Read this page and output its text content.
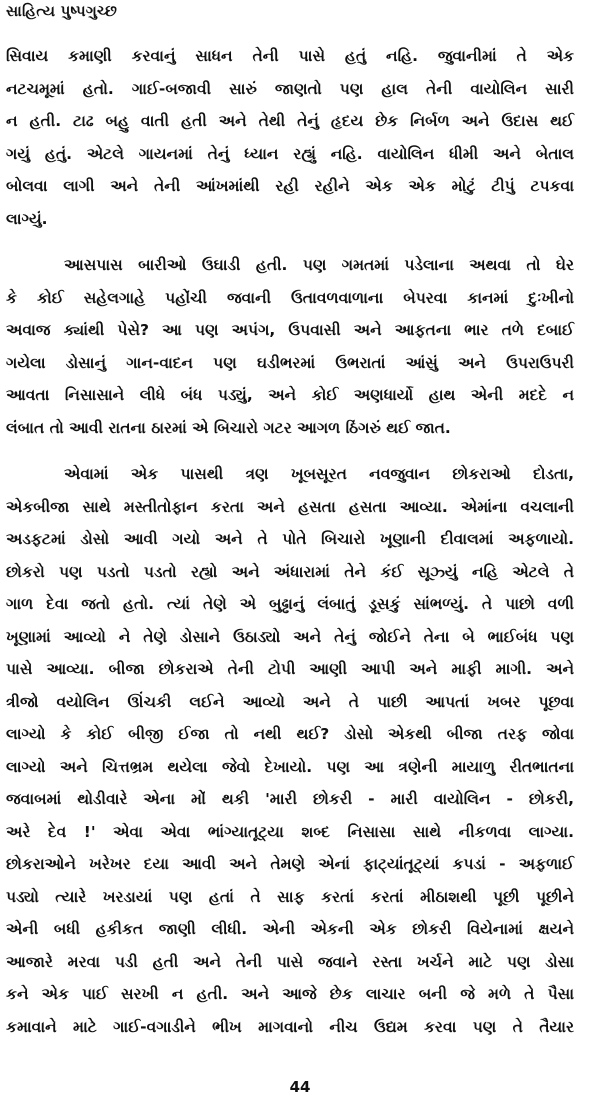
સાહિત્ય પુષ્પગુચ્છ
સિવાય કમાણી કરવાનું સાધન તેની પાસે હતું નહિ. જુવાનીમાં તે એક
નટચમૂમાં હતો. ગાઈ-બજાવી સારું જાણતો પણ હાલ તેની વાયોલિન સારી
ન હતી. ટાઢ બહુ વાતી હતી અને તેથી તેનું હૃદય છેક નિર્બળ અને ઉદાસ થઈ
ગયું હતું. એટલે ગાયનમાં તેનું ધ્યાન રહ્યું નહિ. વાયોલિન ધીમી અને બેતાલ
બોલવા લાગી અને તેની આંખમાંથી રહી રહીને એક એક મોટું ટીપું ટપકવા
લાગ્યું.
આસપાસ બારીઓ ઉઘાડી હતી. પણ ગમતમાં પડેલાના અથવા તો ઘેર
કે કોઈ સહેલગાહે પહોંચી જવાની ઉતાવળવાળાના બેપરવા કાનમાં દુઃખીનો
અવાજ ક્યાંથી પેસે? આ પણ અપંગ, ઉપવાસી અને આફતના ભાર તળે દબાઈ
ગયેલા ડોસાનું ગાન-વાદન પણ ઘડીભરમાં ઉભરાતાં આંસું અને ઉપરાઉપરી
આવતા નિસાસાને લીધે બંધ પડ્યું, અને કોઈ અણધાર્યો હાથ એની મદદે ન
લંબાત તો આવી રાતના ઠારમાં એ બિચારો ગટર આગળ ઠિંગરું થઈ જાત.
એવામાં એક પાસથી ત્રણ ખૂબસૂરત નવજુવાન છોકરાઓ દોડતા,
એકબીજા સાથે મસ્તીતોફાન કરતા અને હસતા હસતા આવ્યા. એમાંના વચલાની
અડફટમાં ડોસો આવી ગયો અને તે પોતે બિચારો ખૂણાની દીવાલમાં અફળાયો.
છોકરો પણ પડતો પડતો રહ્યો અને અંધારામાં તેને કંઈ સૂઝ્યું નહિ એટલે તે
ગાળ દેવા જતો હતો. ત્યાં તેણે એ બુઢ્ઢાનું લંબાતું ડૂસકું સાંભળ્યું. તે પાછો વળી
ખૂણામાં આવ્યો ને તેણે ડોસાને ઉઠાડ્યો અને તેનું જોઈને તેના બે ભાઈબંધ પણ
પાસે આવ્યા. બીજા છોકરાએ તેની ટોપી આણી આપી અને માફી માગી. અને
ત્રીજો વયોલિન ઊંચકી લઈને આવ્યો અને તે પાછી આપતાં ખબર પૂછવા
લાગ્યો કે કોઈ બીજી ઈજા તો નથી થઈ? ડોસો એકથી બીજા તરફ જોવા
લાગ્યો અને ચિત્તભ્રમ થયેલા જેવો દેખાયો. પણ આ ત્રણેની માયાળુ રીતભાતના
જવાબમાં થોડીવારે એના મોં થકી 'મારી છોકરી - મારી વાયોલિન - છોકરી,
અરે દેવ !' એવા એવા ભાંગ્યાતૂટ્યા શબ્દ નિસાસા સાથે નીકળવા લાગ્યા.
છોકરાઓને ખરેખર દયા આવી અને તેમણે એનાં ફાટ્યાંતૂટ્યાં કપડાં - અફળાઈ
પડ્યો ત્યારે ખરડાયાં પણ હતાં તે સાફ કરતાં કરતાં મીઠાશથી પૂછી પૂછીને
એની બધી હકીકત જાણી લીધી. એની એકની એક છોકરી વિયેનામાં ક્ષયને
આજારે મરવા પડી હતી અને તેની પાસે જવાને રસ્તા ખર્ચને માટે પણ ડોસા
કને એક પાઈ સરખી ન હતી. અને આજે છેક લાચાર બની જે મળે તે પૈસા
કમાવાને માટે ગાઈ-વગાડીને ભીખ માગવાનો નીચ ઉદ્યમ કરવા પણ તે તૈયાર
44
